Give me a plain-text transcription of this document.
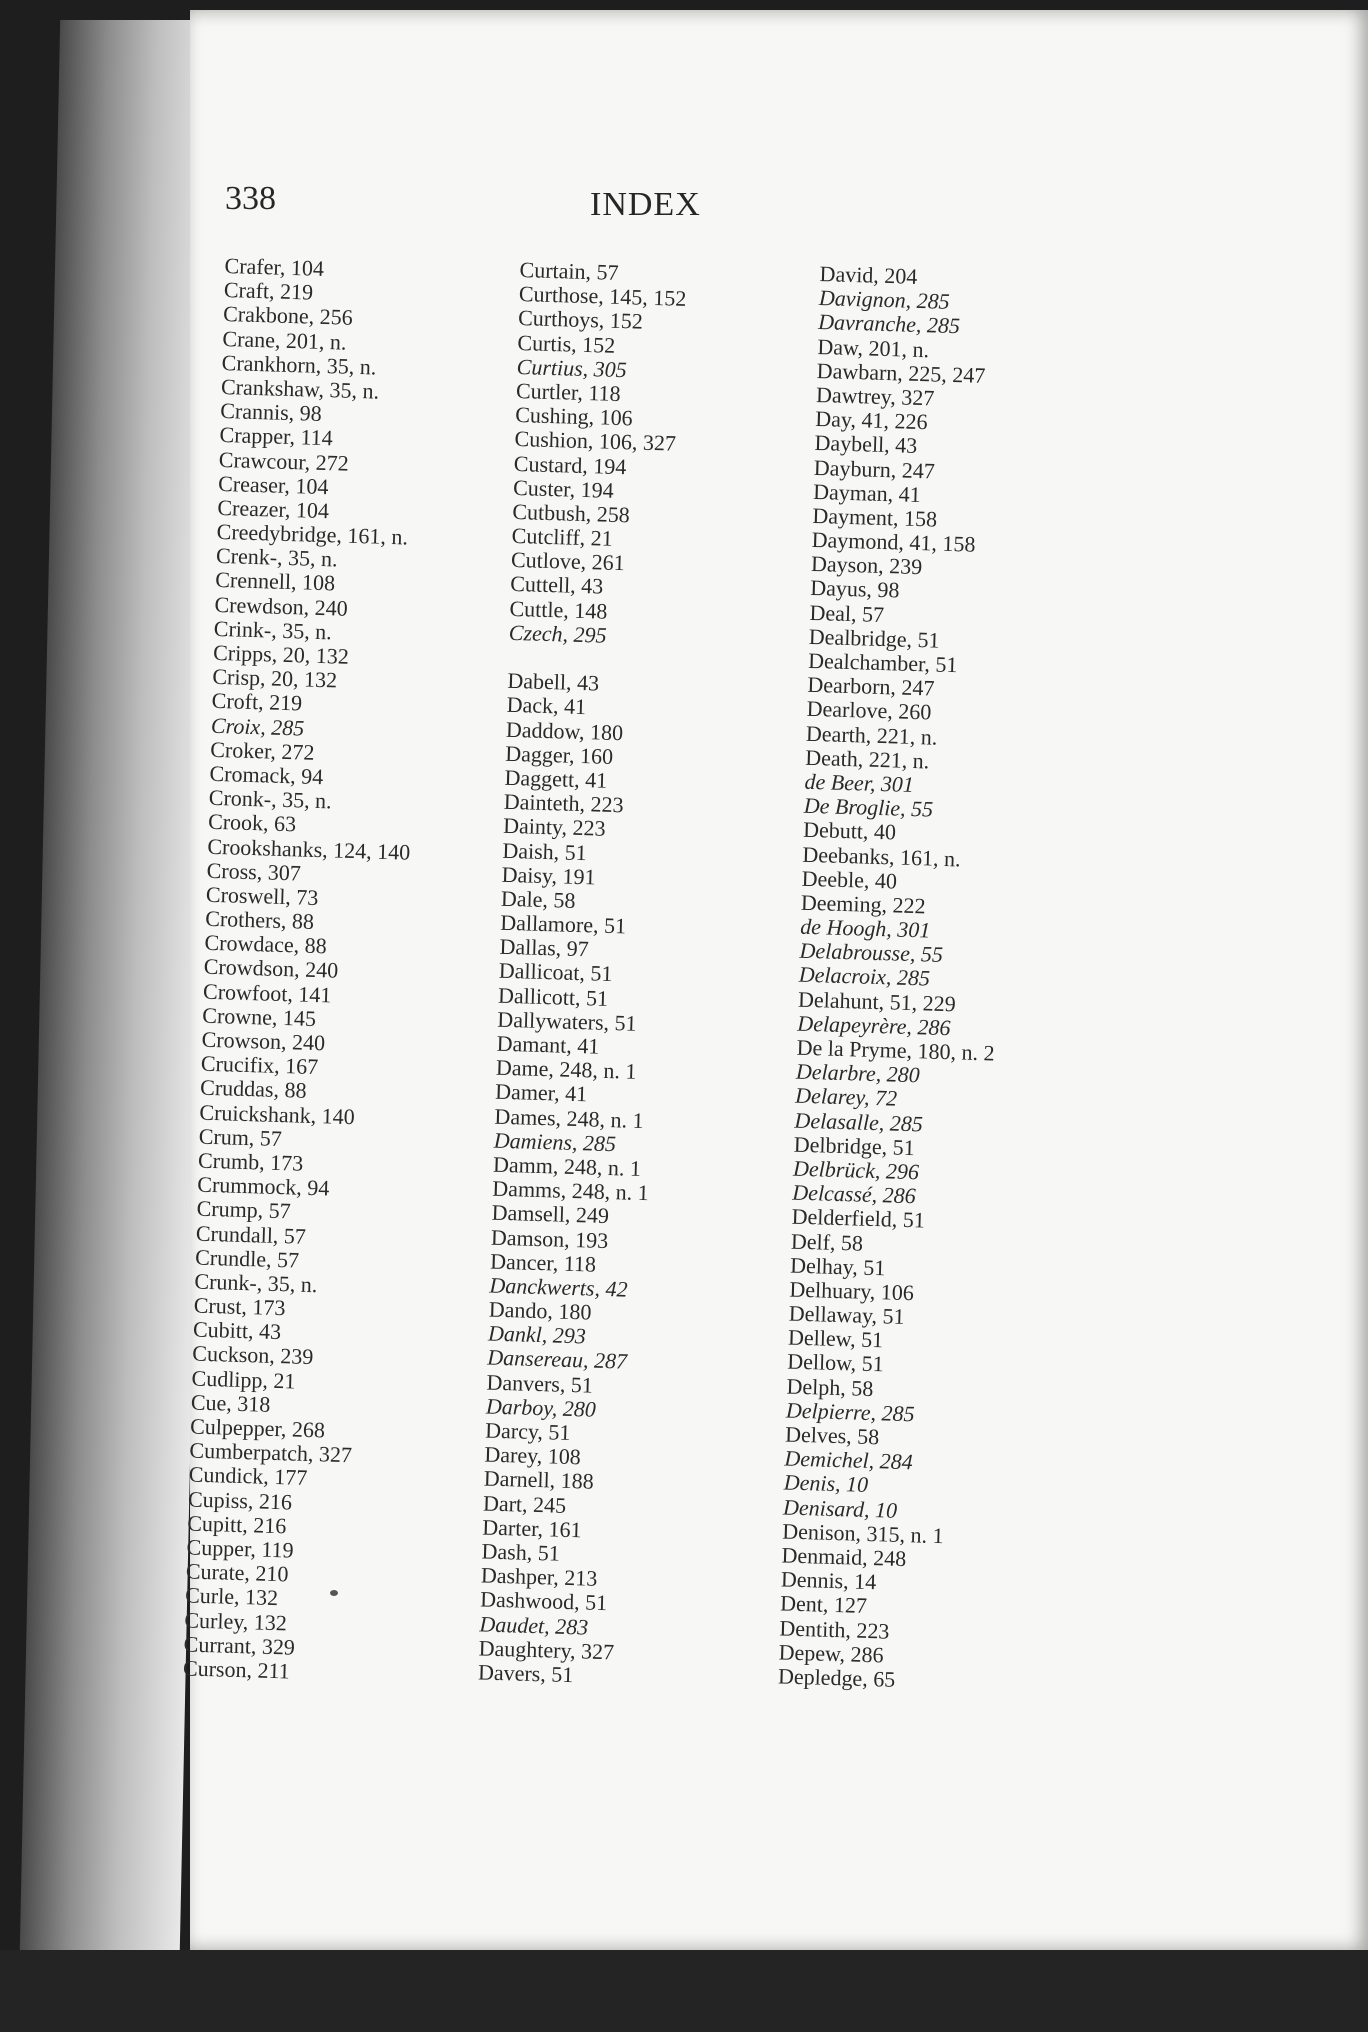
338	INDEX
Crafer, 104
Craft, 219
Crakbone, 256
Crane, 201, n.
Crankhorn, 35, n.
Crankshaw, 35, n.
Crannis, 98
Crapper, 114
Crawcour, 272
Creaser, 104
Creazer, 104
Creedybridge, 161, n.
Crenk-, 35, n.
Crennell, 108
Crewdson, 240
Crink-, 35, n.
Cripps, 20, 132
Crisp, 20, 132
Croft, 219
Croix, 285
Croker, 272
Cromack, 94
Cronk-, 35, n.
Crook, 63
Crookshanks, 124, 140
Cross, 307
Croswell, 73
Crothers, 88
Crowdace, 88
Crowdson, 240
Crowfoot, 141
Crowne, 145
Crowson, 240
Crucifix, 167
Cruddas, 88
Cruickshank, 140
Crum, 57
Crumb, 173
Crummock, 94
Crump, 57
Crundall, 57
Crundle, 57
Crunk-, 35, n.
Crust, 173
Cubitt, 43
Cuckson, 239
Cudlipp, 21
Cue, 318
Culpepper, 268
Cumberpatch, 327
Cundick, 177
Cupiss, 216
Cupitt, 216
Cupper, 119
Curate, 210
Curle, 132
Curley, 132
Currant, 329
Curson, 211
Curtain, 57
Curthose, 145, 152
Curthoys, 152
Curtis, 152
Curtius, 305
Curtler, 118
Cushing, 106
Cushion, 106, 327
Custard, 194
Custer, 194
Cutbush, 258
Cutcliff, 21
Cutlove, 261
Cuttell, 43
Cuttle, 148
Czech, 295
Dabell, 43
Dack, 41
Daddow, 180
Dagger, 160
Daggett, 41
Dainteth, 223
Dainty, 223
Daish, 51
Daisy, 191
Dale, 58
Dallamore, 51
Dallas, 97
Dallicoat, 51
Dallicott, 51
Dallywaters, 51
Damant, 41
Dame, 248, n. 1
Damer, 41
Dames, 248, n. 1
Damiens, 285
Damm, 248, n. 1
Damms, 248, n. 1
Damsell, 249
Damson, 193
Dancer, 118
Danckwerts, 42
Dando, 180
Dankl, 293
Dansereau, 287
Danvers, 51
Darboy, 280
Darcy, 51
Darey, 108
Darnell, 188
Dart, 245
Darter, 161
Dash, 51
Dashper, 213
Dashwood, 51
Daudet, 283
Daughtery, 327
Davers, 51
David, 204
Davignon, 285
Davranche, 285
Daw, 201, n.
Dawbarn, 225, 247
Dawtrey, 327
Day, 41, 226
Daybell, 43
Dayburn, 247
Dayman, 41
Dayment, 158
Daymond, 41, 158
Dayson, 239
Dayus, 98
Deal, 57
Dealbridge, 51
Dealchamber, 51
Dearborn, 247
Dearlove, 260
Dearth, 221, n.
Death, 221, n.
de Beer, 301
De Broglie, 55
Debutt, 40
Deebanks, 161, n.
Deeble, 40
Deeming, 222
de Hoogh, 301
Delabrousse, 55
Delacroix, 285
Delahunt, 51, 229
Delapeyrère, 286
De la Pryme, 180, n. 2
Delarbre, 280
Delarey, 72
Delasalle, 285
Delbridge, 51
Delbrück, 296
Delcassé, 286
Delderfield, 51
Delf, 58
Delhay, 51
Delhuary, 106
Dellaway, 51
Dellew, 51
Dellow, 51
Delph, 58
Delpierre, 285
Delves, 58
Demichel, 284
Denis, 10
Denisard, 10
Denison, 315, n. 1
Denmaid, 248
Dennis, 14
Dent, 127
Dentith, 223
Depew, 286
Depledge, 65
